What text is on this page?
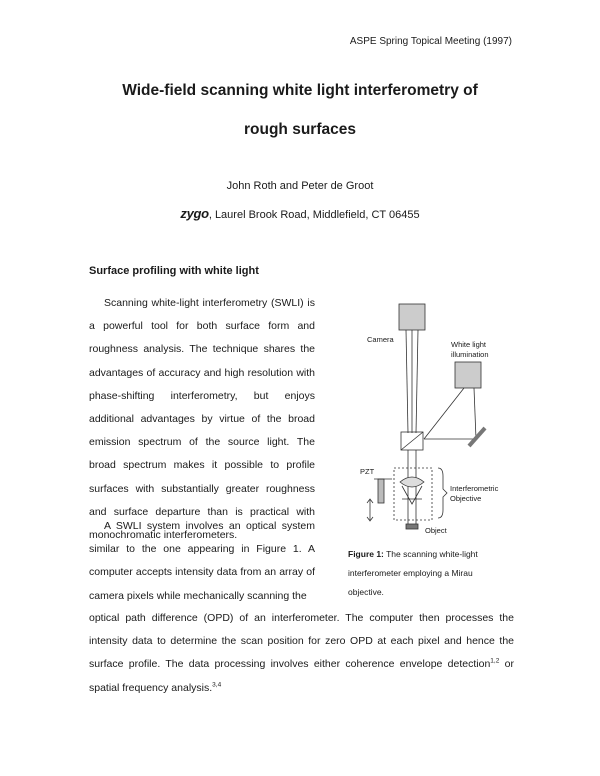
ASPE Spring Topical Meeting (1997)
Wide-field scanning white light interferometry of
rough surfaces
John Roth and Peter de Groot
zygo, Laurel Brook Road, Middlefield, CT 06455
Surface profiling with white light

Scanning white-light interferometry (SWLI) is a powerful tool for both surface form and roughness analysis. The technique shares the advantages of accuracy and high resolution with phase-shifting interferometry, but enjoys additional advantages by virtue of the broad emission spectrum of the source light. The broad spectrum makes it possible to profile surfaces with substantially greater roughness and surface departure than is practical with monochromatic interferometers.

A SWLI system involves an optical system similar to the one appearing in Figure 1. A computer accepts intensity data from an array of camera pixels while mechanically scanning the

optical path difference (OPD) of an interferometer. The computer then processes the intensity data to determine the scan position for zero OPD at each pixel and hence the surface profile. The data processing involves either coherence envelope detection$^{1,2}$ or spatial frequency analysis.$^{3,4}$
Camera
White light
illumination
PZT
Interferometric
Objective
Object
Figure 1: The scanning white-light interferometer employing a Mirau objective.
